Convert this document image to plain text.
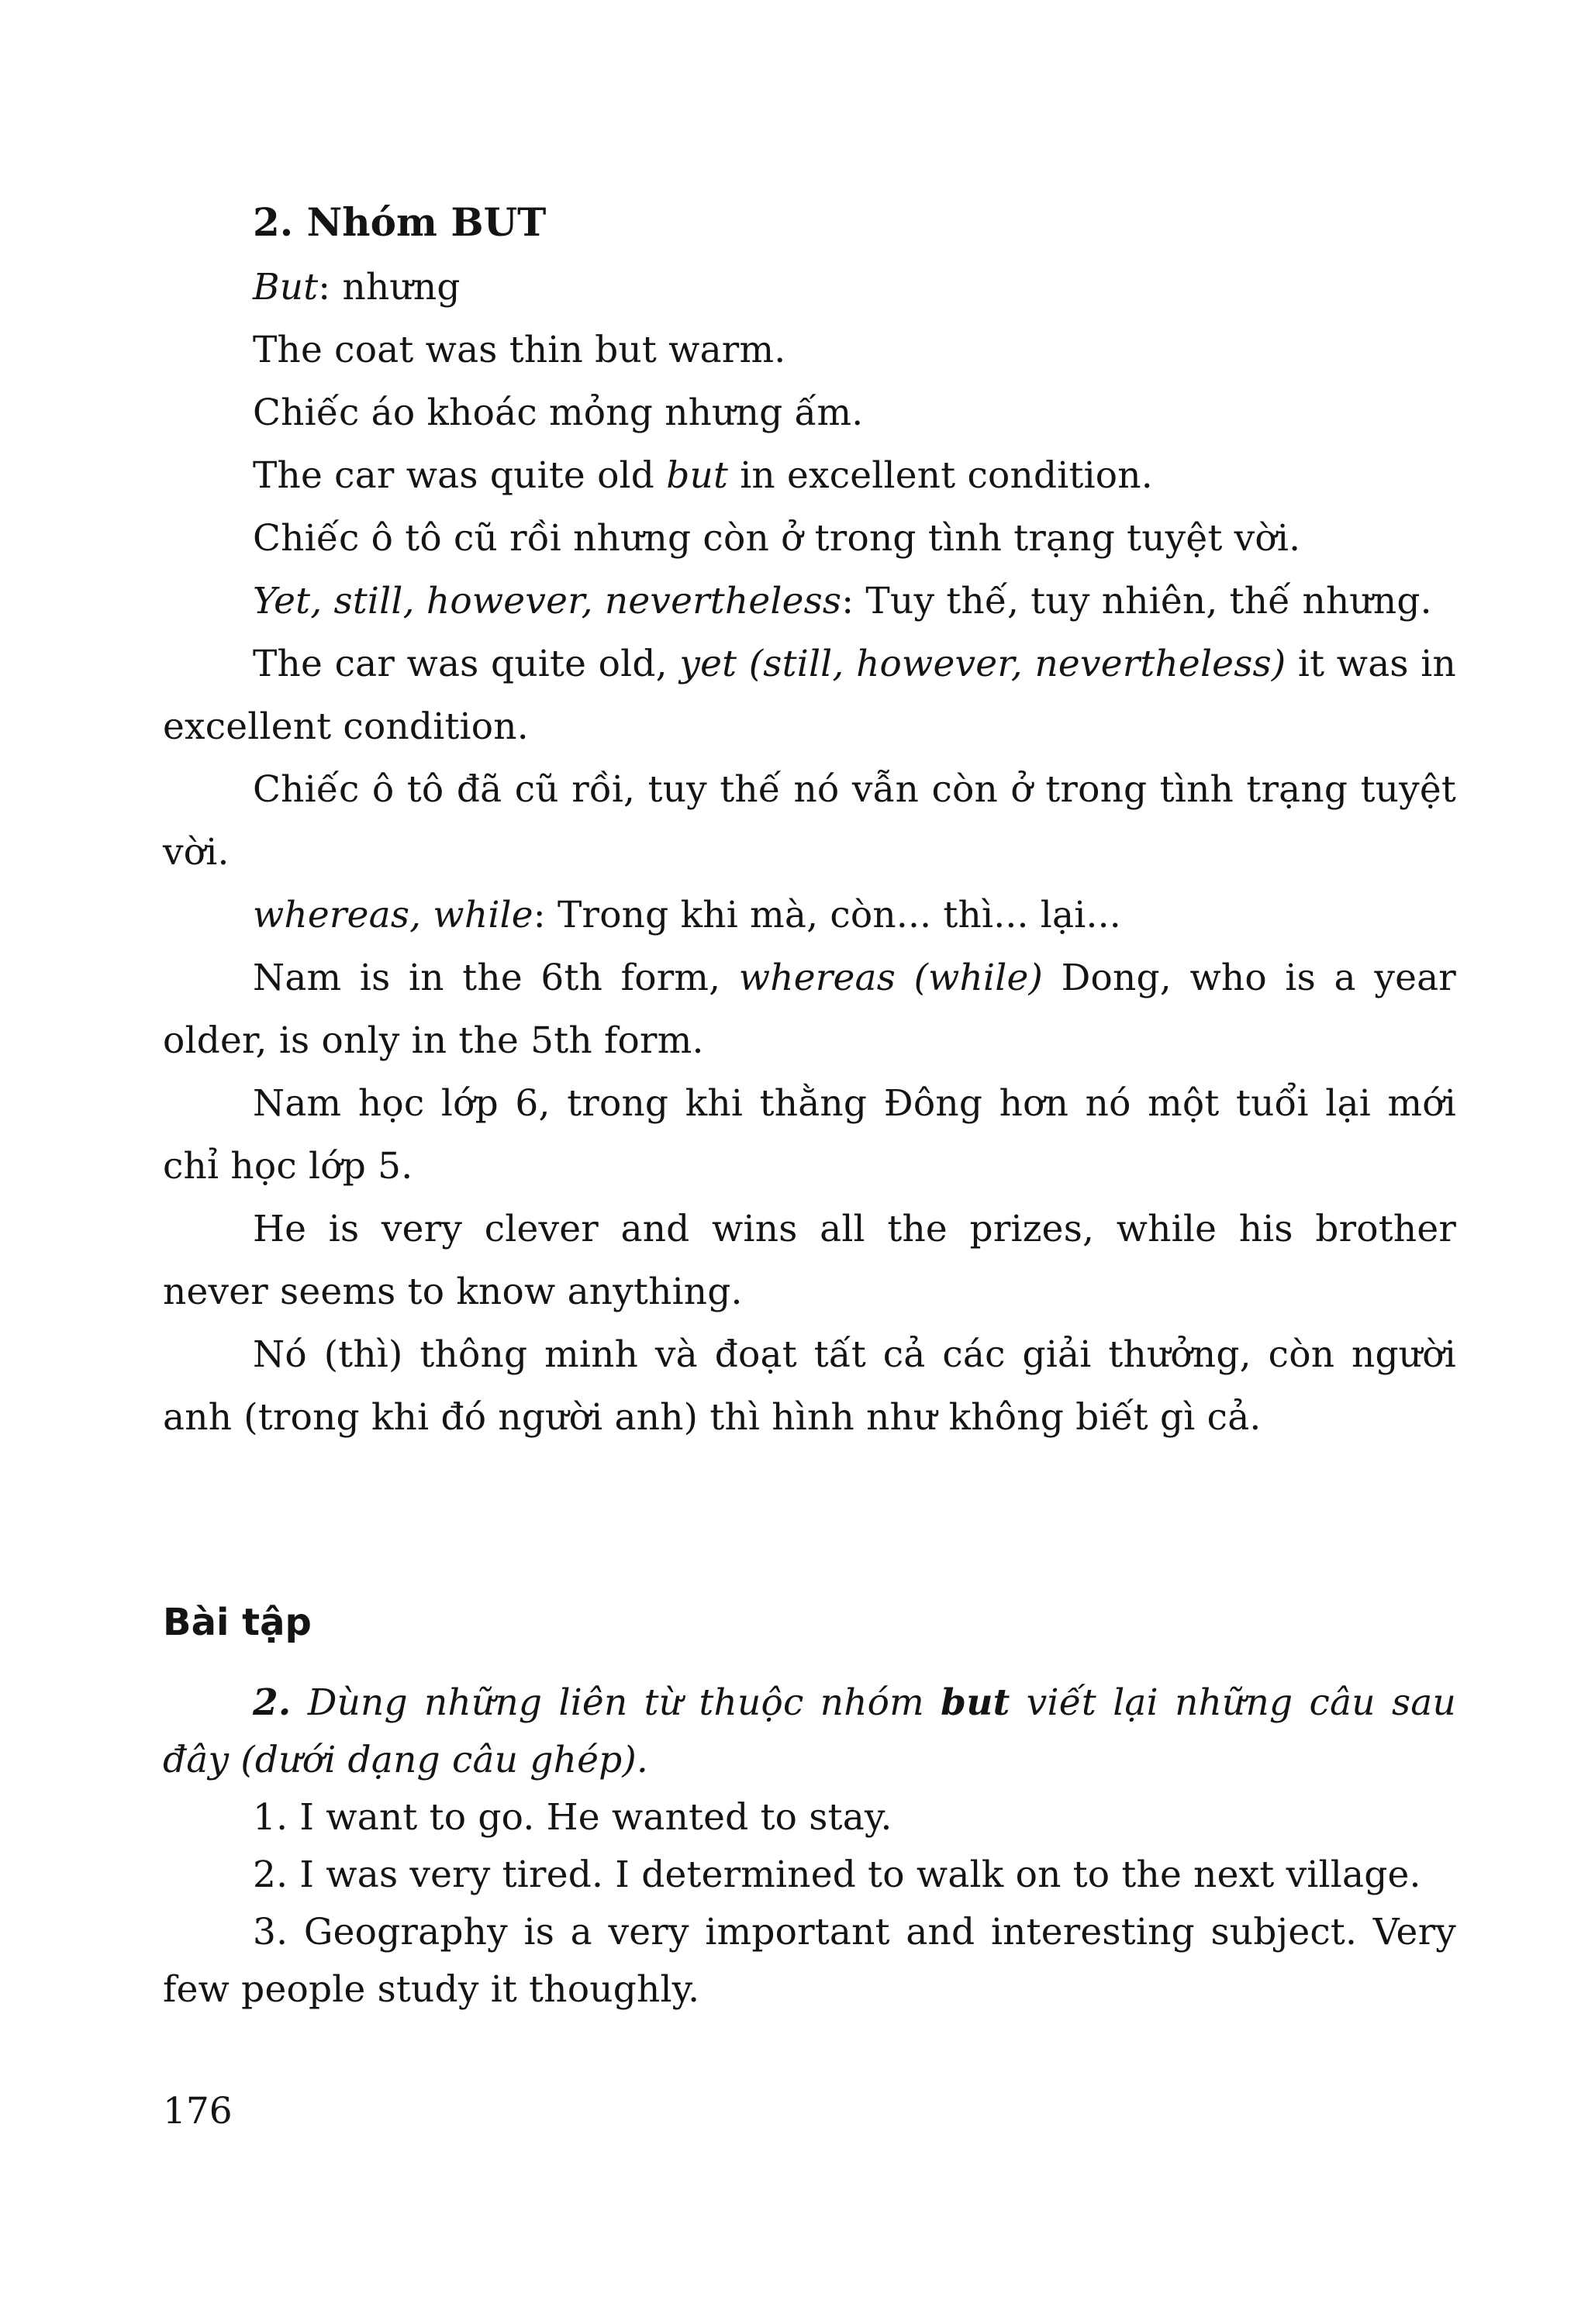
2. Nhóm BUT

But: nhưng

The coat was thin but warm.

Chiếc áo khoác mỏng nhưng ấm.

The car was quite old but in excellent condition.

Chiếc ô tô cũ rồi nhưng còn ở trong tình trạng tuyệt vời.

Yet, still, however, nevertheless: Tuy thế, tuy nhiên, thế nhưng.

The car was quite old, yet (still, however, nevertheless) it was in excellent condition.

Chiếc ô tô đã cũ rồi, tuy thế nó vẫn còn ở trong tình trạng tuyệt vời.

whereas, while: Trong khi mà, còn... thì... lại...

Nam is in the 6th form, whereas (while) Dong, who is a year older, is only in the 5th form.

Nam học lớp 6, trong khi thằng Đông hơn nó một tuổi lại mới chỉ học lớp 5.

He is very clever and wins all the prizes, while his brother never seems to know anything.

Nó (thì) thông minh và đoạt tất cả các giải thưởng, còn người anh (trong khi đó người anh) thì hình như không biết gì cả.

Bài tập

2. Dùng những liên từ thuộc nhóm but viết lại những câu sau đây (dưới dạng câu ghép).

1. I want to go. He wanted to stay.

2. I was very tired. I determined to walk on to the next village.

3. Geography is a very important and interesting subject. Very few people study it thoughly.

176
